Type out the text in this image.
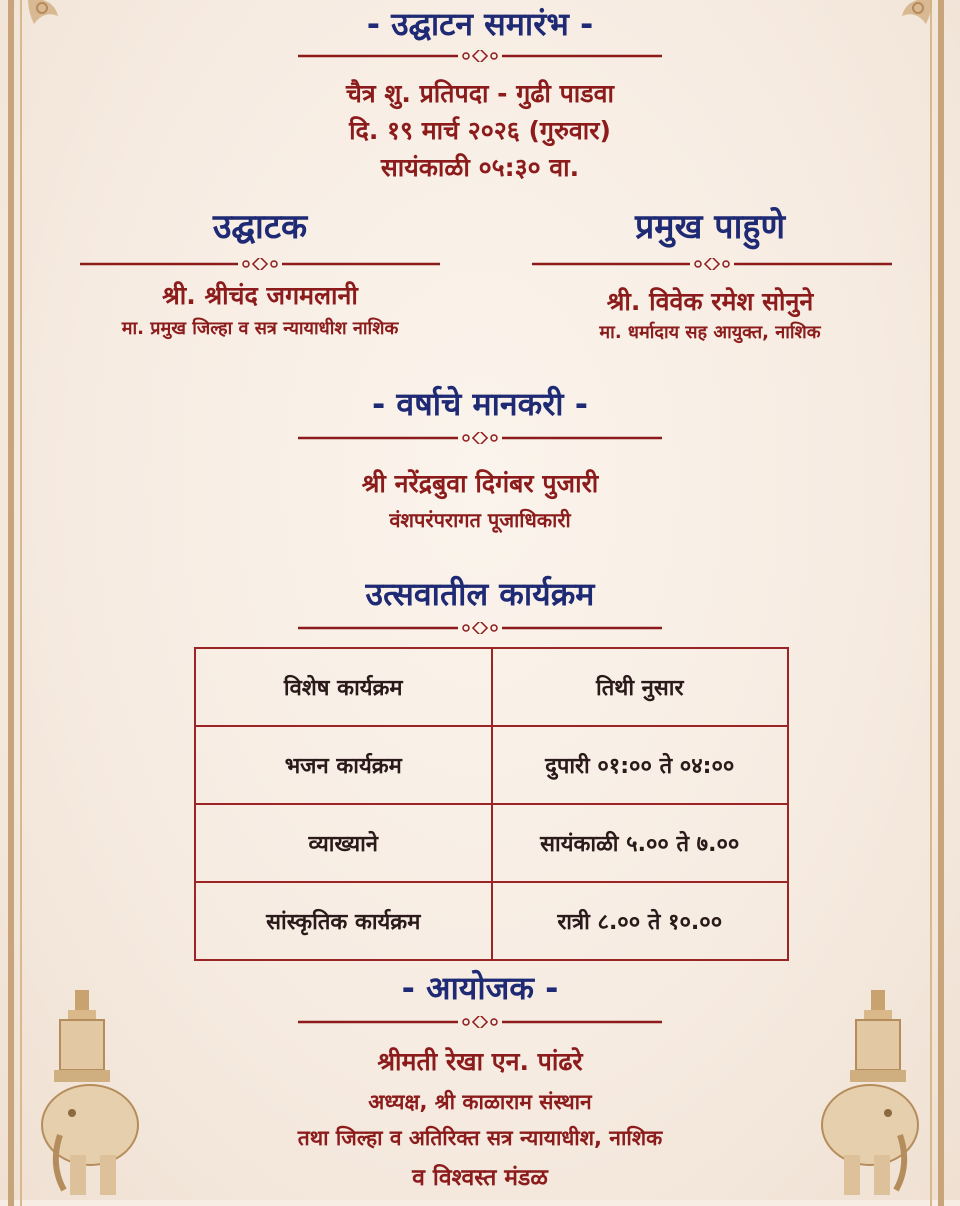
- उद्घाटन समारंभ -
चैत्र शु. प्रतिपदा - गुढी पाडवा
दि. १९ मार्च २०२६ (गुरुवार)
सायंकाळी ०५:३० वा.
उद्घाटक
श्री. श्रीचंद जगमलानी
मा. प्रमुख जिल्हा व सत्र न्यायाधीश नाशिक
प्रमुख पाहुणे
श्री. विवेक रमेश सोनुने
मा. धर्मादाय सह आयुक्त, नाशिक
- वर्षाचे मानकरी -
श्री नरेंद्रबुवा दिगंबर पुजारी
वंशपरंपरागत पूजाधिकारी
उत्सवातील कार्यक्रम
विशेष कार्यक्रम	तिथी नुसार
भजन कार्यक्रम	दुपारी ०१:०० ते ०४:००
व्याख्याने	सायंकाळी ५.०० ते ७.००
सांस्कृतिक कार्यक्रम	रात्री ८.०० ते १०.००
- आयोजक -
श्रीमती रेखा एन. पांढरे
अध्यक्ष, श्री काळाराम संस्थान
तथा जिल्हा व अतिरिक्त सत्र न्यायाधीश, नाशिक
व विश्वस्त मंडळ
